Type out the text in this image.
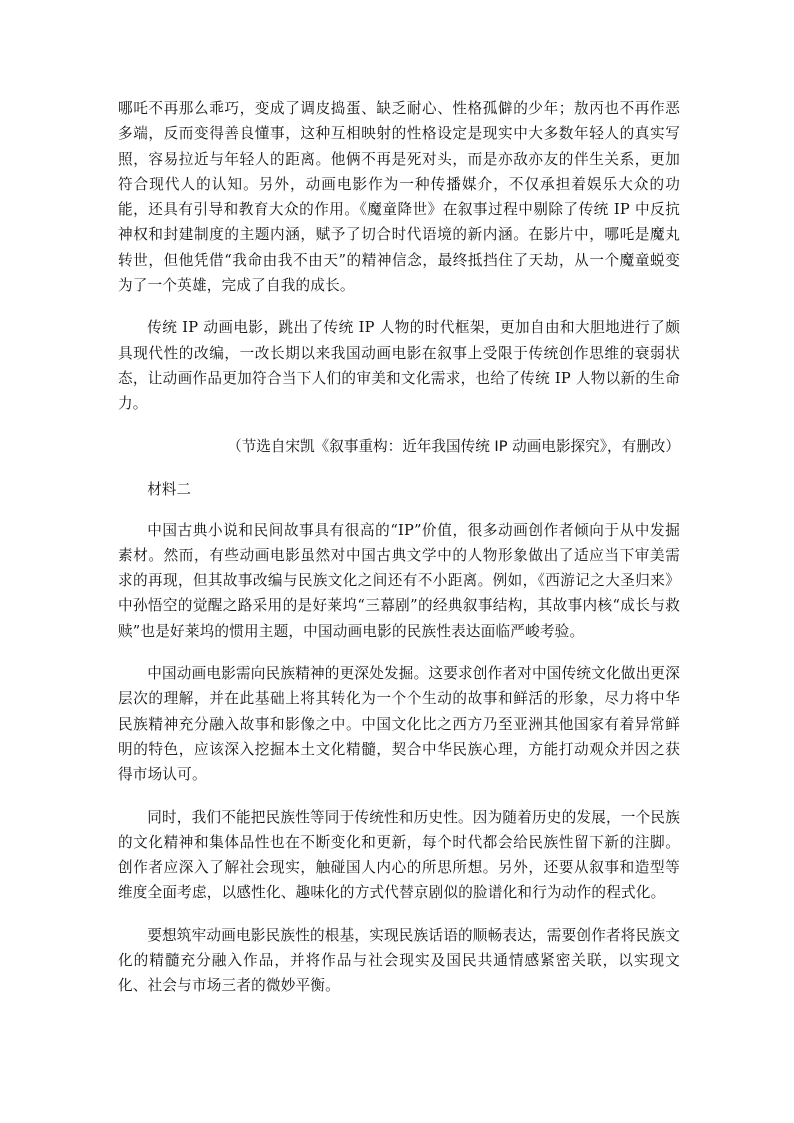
哪吒不再那么乖巧，变成了调皮捣蛋、缺乏耐心、性格孤僻的少年；敖丙也不再作恶多端，反而变得善良懂事，这种互相映射的性格设定是现实中大多数年轻人的真实写照，容易拉近与年轻人的距离。他俩不再是死对头，而是亦敌亦友的伴生关系，更加符合现代人的认知。另外，动画电影作为一种传播媒介，不仅承担着娱乐大众的功能，还具有引导和教育大众的作用。《魔童降世》在叙事过程中剔除了传统 IP 中反抗神权和封建制度的主题内涵，赋予了切合时代语境的新内涵。在影片中，哪吒是魔丸转世，但他凭借“我命由我不由天”的精神信念，最终抵挡住了天劫，从一个魔童蜕变为了一个英雄，完成了自我的成长。

传统 IP 动画电影，跳出了传统 IP 人物的时代框架，更加自由和大胆地进行了颇具现代性的改编，一改长期以来我国动画电影在叙事上受限于传统创作思维的衰弱状态，让动画作品更加符合当下人们的审美和文化需求，也给了传统 IP 人物以新的生命力。

（节选自宋凯《叙事重构：近年我国传统 IP 动画电影探究》，有删改）
材料二

中国古典小说和民间故事具有很高的“IP”价值，很多动画创作者倾向于从中发掘素材。然而，有些动画电影虽然对中国古典文学中的人物形象做出了适应当下审美需求的再现，但其故事改编与民族文化之间还有不小距离。例如，《西游记之大圣归来》中孙悟空的觉醒之路采用的是好莱坞“三幕剧”的经典叙事结构，其故事内核“成长与救赎”也是好莱坞的惯用主题，中国动画电影的民族性表达面临严峻考验。

中国动画电影需向民族精神的更深处发掘。这要求创作者对中国传统文化做出更深层次的理解，并在此基础上将其转化为一个个生动的故事和鲜活的形象，尽力将中华民族精神充分融入故事和影像之中。中国文化比之西方乃至亚洲其他国家有着异常鲜明的特色，应该深入挖掘本土文化精髓，契合中华民族心理，方能打动观众并因之获得市场认可。

同时，我们不能把民族性等同于传统性和历史性。因为随着历史的发展，一个民族的文化精神和集体品性也在不断变化和更新，每个时代都会给民族性留下新的注脚。创作者应深入了解社会现实，触碰国人内心的所思所想。另外，还要从叙事和造型等维度全面考虑，以感性化、趣味化的方式代替京剧似的脸谱化和行为动作的程式化。

要想筑牢动画电影民族性的根基，实现民族话语的顺畅表达，需要创作者将民族文化的精髓充分融入作品，并将作品与社会现实及国民共通情感紧密关联，以实现文化、社会与市场三者的微妙平衡。
